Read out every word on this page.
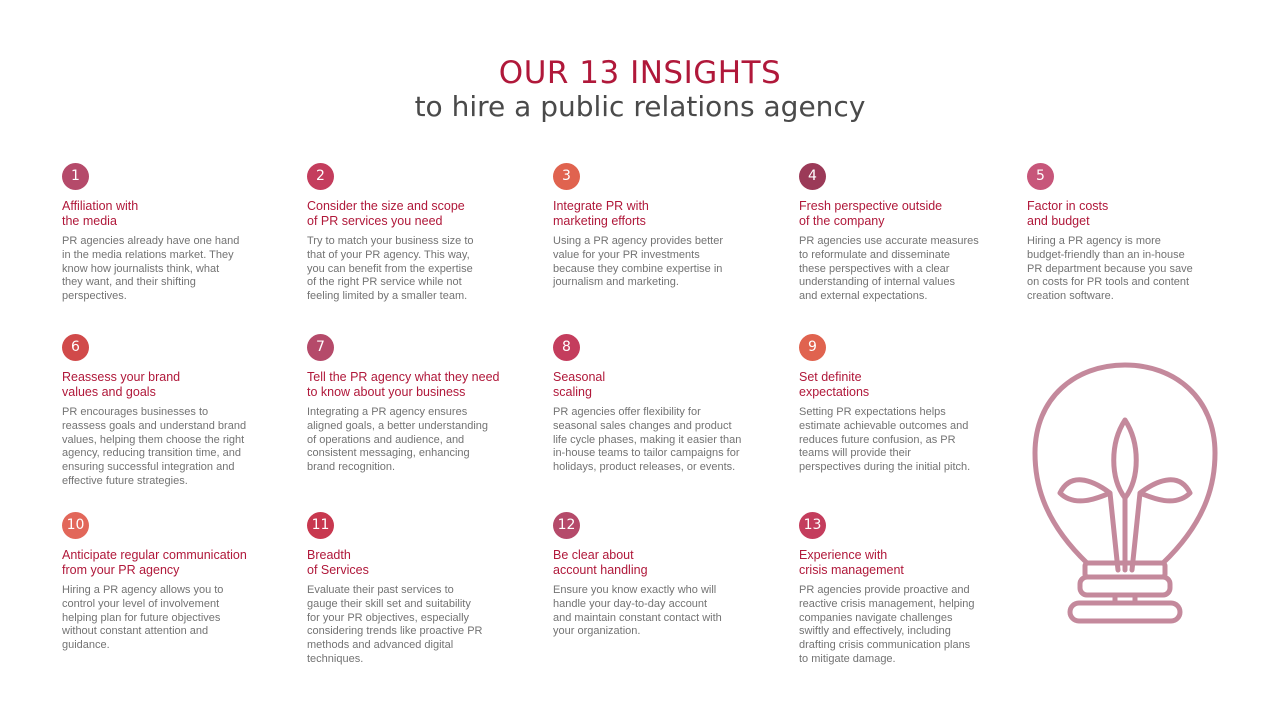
OUR 13 INSIGHTS
to hire a public relations agency
1
Affiliation with
the media
PR agencies already have one hand
in the media relations market. They
know how journalists think, what
they want, and their shifting
perspectives.
2
Consider the size and scope
of PR services you need
Try to match your business size to
that of your PR agency. This way,
you can benefit from the expertise
of the right PR service while not
feeling limited by a smaller team.
3
Integrate PR with
marketing efforts
Using a PR agency provides better
value for your PR investments
because they combine expertise in
journalism and marketing.
4
Fresh perspective outside
of the company
PR agencies use accurate measures
to reformulate and disseminate
these perspectives with a clear
understanding of internal values
and external expectations.
5
Factor in costs
and budget
Hiring a PR agency is more
budget-friendly than an in-house
PR department because you save
on costs for PR tools and content
creation software.
6
Reassess your brand
values and goals
PR encourages businesses to
reassess goals and understand brand
values, helping them choose the right
agency, reducing transition time, and
ensuring successful integration and
effective future strategies.
7
Tell the PR agency what they need
to know about your business
Integrating a PR agency ensures
aligned goals, a better understanding
of operations and audience, and
consistent messaging, enhancing
brand recognition.
8
Seasonal
scaling
PR agencies offer flexibility for
seasonal sales changes and product
life cycle phases, making it easier than
in-house teams to tailor campaigns for
holidays, product releases, or events.
9
Set definite
expectations
Setting PR expectations helps
estimate achievable outcomes and
reduces future confusion, as PR
teams will provide their
perspectives during the initial pitch.
10
Anticipate regular communication
from your PR agency
Hiring a PR agency allows you to
control your level of involvement
helping plan for future objectives
without constant attention and
guidance.
11
Breadth
of Services
Evaluate their past services to
gauge their skill set and suitability
for your PR objectives, especially
considering trends like proactive PR
methods and advanced digital
techniques.
12
Be clear about
account handling
Ensure you know exactly who will
handle your day-to-day account
and maintain constant contact with
your organization.
13
Experience with
crisis management
PR agencies provide proactive and
reactive crisis management, helping
companies navigate challenges
swiftly and effectively, including
drafting crisis communication plans
to mitigate damage.
